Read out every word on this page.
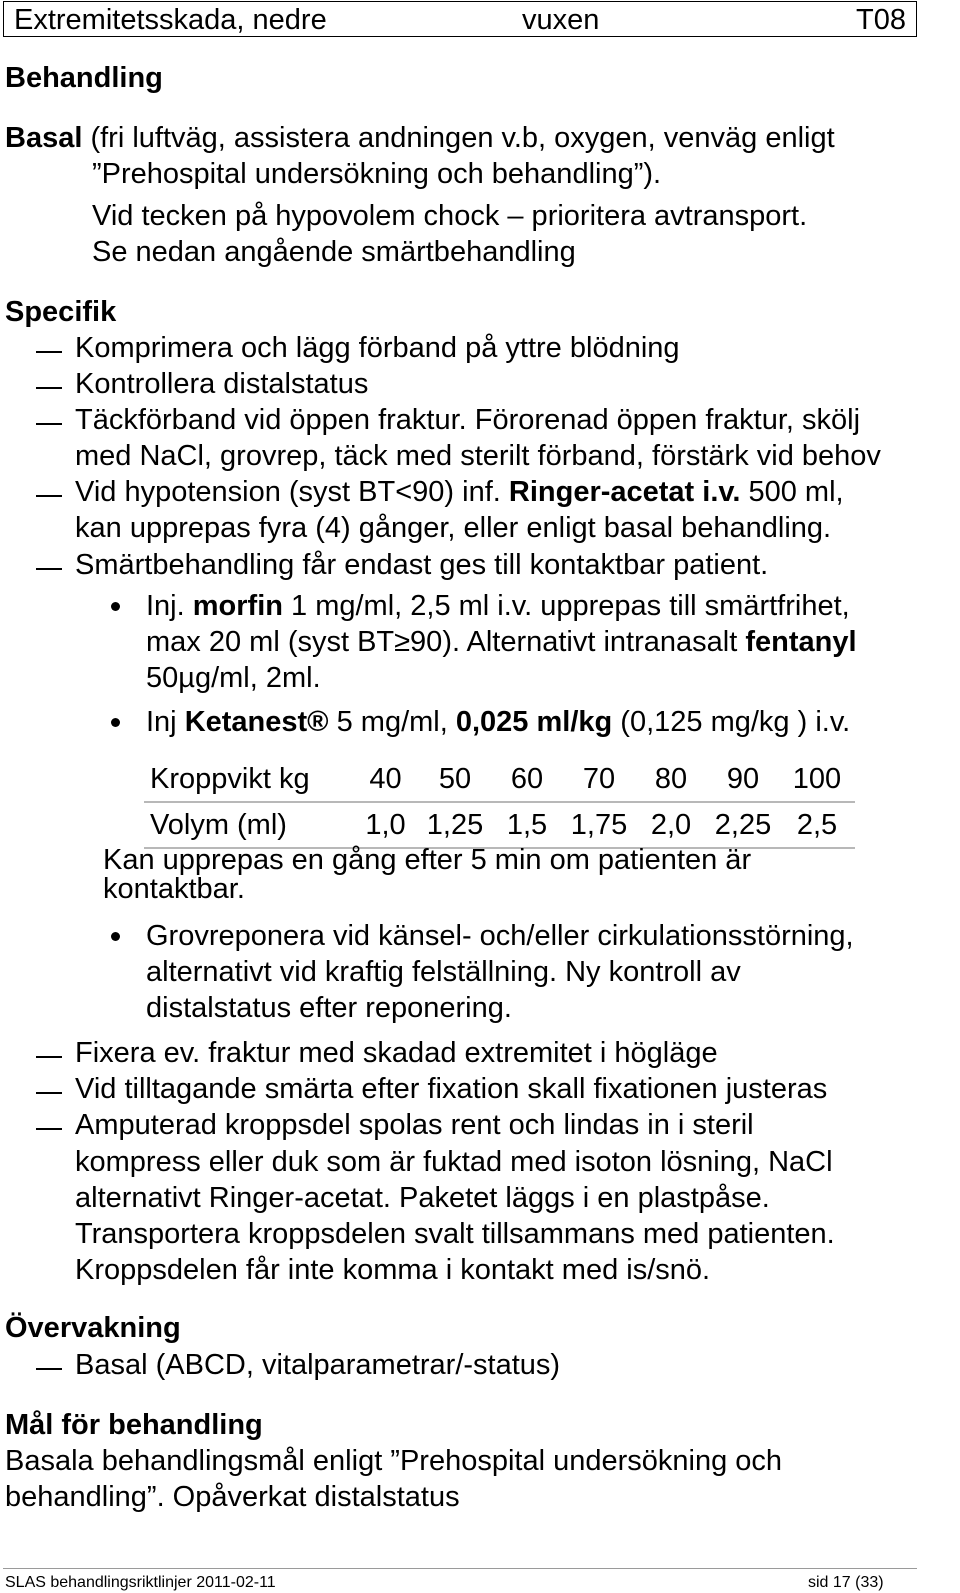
Extremitetsskada, nedre	vuxen	T08
Behandling
Basal (fri luftväg, assistera andningen v.b, oxygen, venväg enligt
”Prehospital undersökning och behandling”).
Vid tecken på hypovolem chock – prioritera avtransport.
Se nedan angående smärtbehandling
Specifik
Komprimera och lägg förband på yttre blödning
Kontrollera distalstatus
Täckförband vid öppen fraktur. Förorenad öppen fraktur, skölj
med NaCl, grovrep, täck med sterilt förband, förstärk vid behov
Vid hypotension (syst BT<90) inf. Ringer-acetat i.v. 500 ml,
kan upprepas fyra (4) gånger, eller enligt basal behandling.
Smärtbehandling får endast ges till kontaktbar patient.
Inj. morfin 1 mg/ml, 2,5 ml i.v. upprepas till smärtfrihet,
max 20 ml (syst BT≥90). Alternativt intranasalt fentanyl
50µg/ml, 2ml.
Inj Ketanest® 5 mg/ml, 0,025 ml/kg (0,125 mg/kg ) i.v.
Kroppvikt kg	40	50	60	70	80	90	100
Volym (ml)	1,0	1,25	1,5	1,75	2,0	2,25	2,5
Kan upprepas en gång efter 5 min om patienten är
kontaktbar.
Grovreponera vid känsel- och/eller cirkulationsstörning,
alternativt vid kraftig felställning. Ny kontroll av
distalstatus efter reponering.
Fixera ev. fraktur med skadad extremitet i högläge
Vid tilltagande smärta efter fixation skall fixationen justeras
Amputerad kroppsdel spolas rent och lindas in i steril
kompress eller duk som är fuktad med isoton lösning, NaCl
alternativt Ringer-acetat. Paketet läggs i en plastpåse.
Transportera kroppsdelen svalt tillsammans med patienten.
Kroppsdelen får inte komma i kontakt med is/snö.
Övervakning
Basal (ABCD, vitalparametrar/-status)
Mål för behandling
Basala behandlingsmål enligt ”Prehospital undersökning och
behandling”. Opåverkat distalstatus
SLAS behandlingsriktlinjer 2011-02-11	sid 17 (33)
